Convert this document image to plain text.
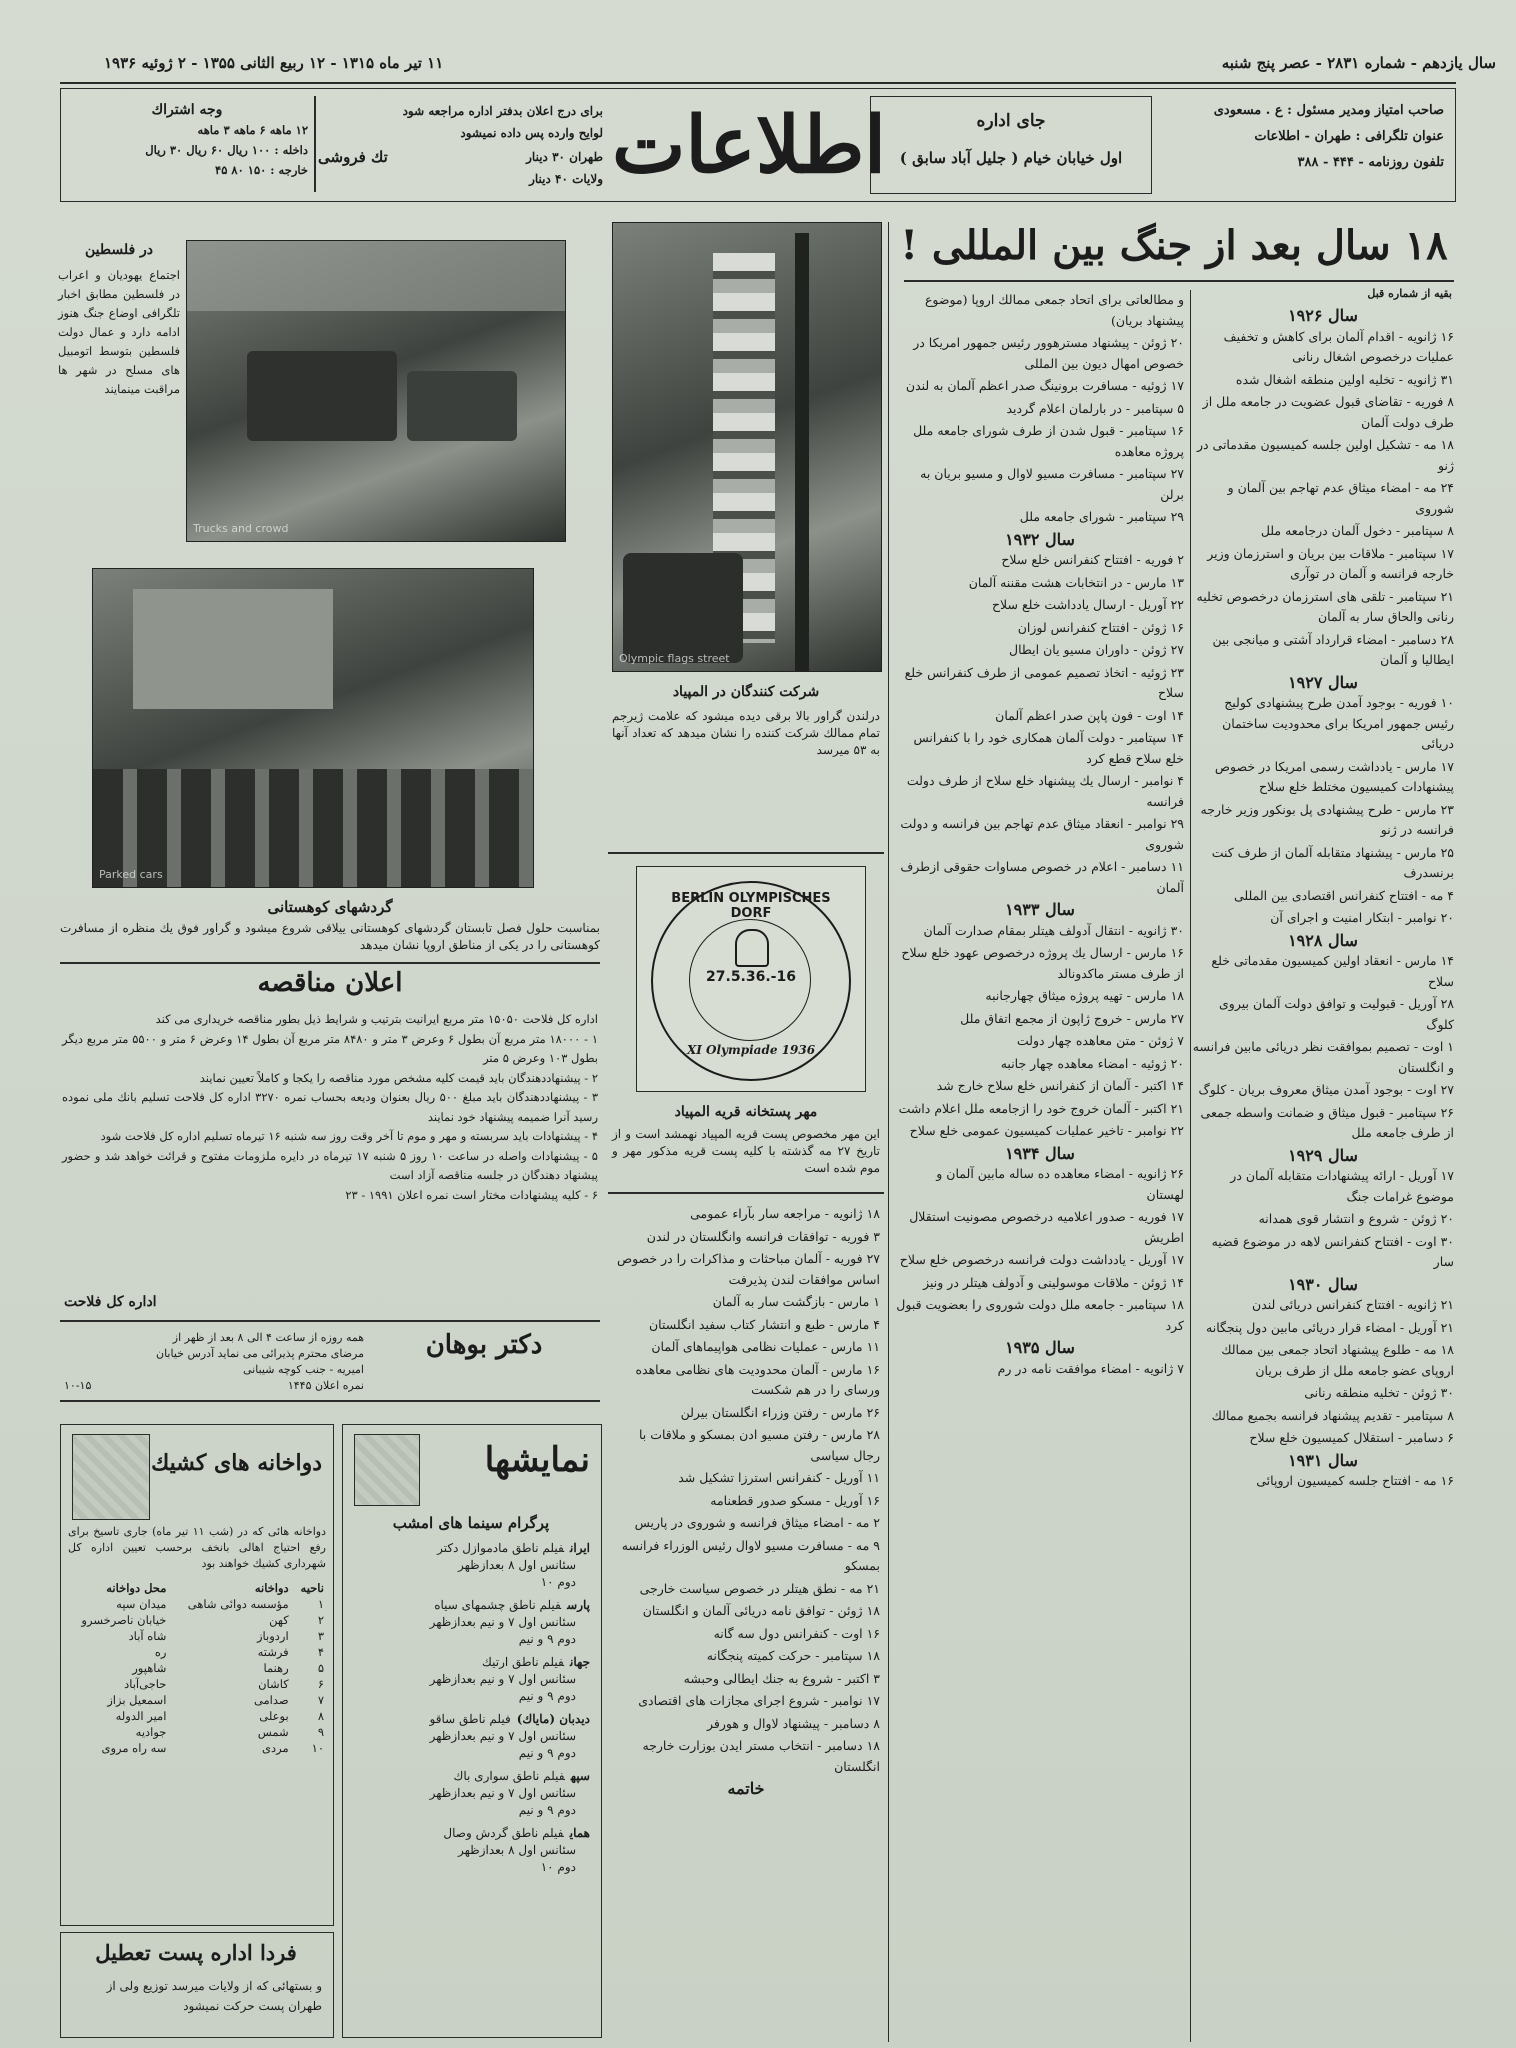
سال یازدهم - شماره ۲۸۳۱ - عصر پنج شنبه
۱۱ تیر ماه ۱۳۱۵ - ۱۲ ربیع الثانی ۱۳۵۵ - ۲ ژوئیه ۱۹۳۶
صاحب امتیاز ومدیر مسئول : ع . مسعودی
عنوان تلگرافی : طهران - اطلاعات
تلفون روزنامه - ۴۴۴ - ۳۸۸
جای اداره
اول خیابان خیام ( جلیل آباد سابق )
اطلاعات
برای درج اعلان بدفتر اداره مراجعه شود
لوایح وارده پس داده نمیشود
تك فروشی	طهران ۳۰ دینار
ولایات ۴۰ دینار
وجه اشتراك
۱۲ ماهه ۶ ماهه ۳ ماهه
داخله : ۱۰۰ ریال ۶۰ ریال ۳۰ ریال
خارجه : ۱۵۰ ۸۰ ۴۵
۱۸ سال بعد از جنگ بین المللی !
بقیه از شماره قبل
سال ۱۹۲۶

۱۶ ژانویه - اقدام آلمان برای کاهش و تخفیف عملیات درخصوص اشغال رنانی

۳۱ ژانویه - تخلیه اولین منطقه اشغال شده

۸ فوریه - تقاضای قبول عضویت در جامعه ملل از طرف دولت آلمان

۱۸ مه - تشکیل اولین جلسه کمیسیون مقدماتی در ژنو

۲۴ مه - امضاء میثاق عدم تهاجم بین آلمان و شوروی

۸ سپتامبر - دخول آلمان درجامعه ملل

۱۷ سپتامبر - ملاقات بین بریان و استرزمان وزیر خارجه فرانسه و آلمان در توآری

۲۱ سپتامبر - تلقی های استرزمان درخصوص تخلیه رنانی والحاق سار به آلمان

۲۸ دسامبر - امضاء قرارداد آشتی و میانجی بین ایطالیا و آلمان

سال ۱۹۲۷

۱۰ فوریه - بوجود آمدن طرح پیشنهادی کولیج رئیس جمهور امریکا برای محدودیت ساختمان دریائی

۱۷ مارس - یادداشت رسمی امریکا در خصوص پیشنهادات کمیسیون مختلط خلع سلاح

۲۳ مارس - طرح پیشنهادی پل بونکور وزیر خارجه فرانسه در ژنو

۲۵ مارس - پیشنهاد متقابله آلمان از طرف کنت برنسدرف

۴ مه - افتتاح کنفرانس اقتصادی بین المللی

۲۰ نوامبر - ابتکار امنیت و اجرای آن

سال ۱۹۲۸

۱۴ مارس - انعقاد اولین کمیسیون مقدماتی خلع سلاح

۲۸ آوریل - قبولیت و توافق دولت آلمان بیروی کلوگ

۱ اوت - تصمیم بموافقت نظر دریائی مابین فرانسه و انگلستان

۲۷ اوت - بوجود آمدن میثاق معروف بریان - کلوگ

۲۶ سپتامبر - قبول میثاق و ضمانت واسطه جمعی از طرف جامعه ملل

سال ۱۹۲۹

۱۷ آوریل - ارائه پیشنهادات متقابله آلمان در موضوع غرامات جنگ

۲۰ ژوئن - شروع و انتشار قوی همدانه

۳۰ اوت - افتتاح کنفرانس لاهه در موضوع قضیه سار

سال ۱۹۳۰

۲۱ ژانویه - افتتاح کنفرانس دریائی لندن

۲۱ آوریل - امضاء قرار دریائی مابین دول پنجگانه

۱۸ مه - طلوع پیشنهاد اتحاد جمعی بین ممالك اروپای عضو جامعه ملل از طرف بریان

۳۰ ژوئن - تخلیه منطقه رنانی

۸ سپتامبر - تقدیم پیشنهاد فرانسه بجمیع ممالك

۶ دسامبر - استقلال کمیسیون خلع سلاح

سال ۱۹۳۱

۱۶ مه - افتتاح جلسه کمیسیون اروپائی

و مطالعاتی برای اتحاد جمعی ممالك اروپا (موضوع پیشنهاد بریان)

۲۰ ژوئن - پیشنهاد مسترهوور رئیس جمهور امریکا در خصوص امهال دیون بین المللی

۱۷ ژوئیه - مسافرت برونینگ صدر اعظم آلمان به لندن

۵ سپتامبر - در بارلمان اعلام گردید

۱۶ سپتامبر - قبول شدن از طرف شورای جامعه ملل پروژه معاهده

۲۷ سپتامبر - مسافرت مسیو لاوال و مسیو بریان به برلن

۲۹ سپتامبر - شورای جامعه ملل

سال ۱۹۳۲

۲ فوریه - افتتاح کنفرانس خلع سلاح

۱۳ مارس - در انتخابات هشت مقننه آلمان

۲۲ آوریل - ارسال یادداشت خلع سلاح

۱۶ ژوئن - افتتاح کنفرانس لوزان

۲۷ ژوئن - داوران مسیو یان ایطال

۲۳ ژوئیه - اتخاذ تصمیم عمومی از طرف کنفرانس خلع سلاح

۱۴ اوت - فون پاپن صدر اعظم آلمان

۱۴ سپتامبر - دولت آلمان همکاری خود را با کنفرانس خلع سلاح قطع کرد

۴ نوامبر - ارسال یك پیشنهاد خلع سلاح از طرف دولت فرانسه

۲۹ نوامبر - انعقاد میثاق عدم تهاجم بین فرانسه و دولت شوروی

۱۱ دسامبر - اعلام در خصوص مساوات حقوقی ازطرف آلمان

سال ۱۹۳۳

۳۰ ژانویه - انتقال آدولف هیتلر بمقام صدارت آلمان

۱۶ مارس - ارسال یك پروژه درخصوص عهود خلع سلاح از طرف مستر ماکدونالد

۱۸ مارس - تهیه پروژه میثاق چهارجانبه

۲۷ مارس - خروج ژاپون از مجمع اتفاق ملل

۷ ژوئن - متن معاهده چهار دولت

۲۰ ژوئیه - امضاء معاهده چهار جانبه

۱۴ اکتبر - آلمان از کنفرانس خلع سلاح خارج شد

۲۱ اکتبر - آلمان خروج خود را ازجامعه ملل اعلام داشت

۲۲ نوامبر - تاخیر عملیات کمیسیون عمومی خلع سلاح

سال ۱۹۳۴

۲۶ ژانویه - امضاء معاهده ده ساله مابین آلمان و لهستان

۱۷ فوریه - صدور اعلامیه درخصوص مصونیت استقلال اطریش

۱۷ آوریل - یادداشت دولت فرانسه درخصوص خلع سلاح

۱۴ ژوئن - ملاقات موسولینی و آدولف هیتلر در ونیز

۱۸ سپتامبر - جامعه ملل دولت شوروی را بعضویت قبول کرد

سال ۱۹۳۵

۷ ژانویه - امضاء موافقت نامه در رم

Olympic flags street
شرکت کنندگان در المپیاد
درلندن گراور بالا برقی دیده میشود که علامت ژیرجم تمام ممالك شرکت کننده را نشان میدهد که تعداد آنها به ۵۳ میرسد
BERLIN OLYMPISCHES DORF
27.5.36.-16
XI Olympiade 1936
مهر پستخانه قریه المپیاد
این مهر مخصوص پست قریه المپیاد نهمشد است و از تاریخ ۲۷ مه گذشته با کلیه پست قریه مذکور مهر و موم شده است

۱۸ ژانویه - مراجعه سار بآراء عمومی

۳ فوریه - توافقات فرانسه وانگلستان در لندن

۲۷ فوریه - آلمان مباحثات و مذاکرات را در خصوص اساس موافقات لندن پذیرفت

۱ مارس - بازگشت سار به آلمان

۴ مارس - طبع و انتشار کتاب سفید انگلستان

۱۱ مارس - عملیات نظامی هواپیماهای آلمان

۱۶ مارس - آلمان محدودیت های نظامی معاهده ورسای را در هم شکست

۲۶ مارس - رفتن وزراء انگلستان بیرلن

۲۸ مارس - رفتن مسیو ادن بمسکو و ملاقات با رجال سیاسی

۱۱ آوریل - کنفرانس استرزا تشکیل شد

۱۶ آوریل - مسکو صدور قطعنامه

۲ مه - امضاء میثاق فرانسه و شوروی در پاریس

۹ مه - مسافرت مسیو لاوال رئیس الوزراء فرانسه بمسکو

۲۱ مه - نطق هیتلر در خصوص سیاست خارجی

۱۸ ژوئن - توافق نامه دریائی آلمان و انگلستان

۱۶ اوت - کنفرانس دول سه گانه

۱۸ سپتامبر - حرکت کمیته پنجگانه

۳ اکتبر - شروع به جنك ایطالی وحبشه

۱۷ نوامبر - شروع اجرای مجازات های اقتصادی

۸ دسامبر - پیشنهاد لاوال و هورفر

۱۸ دسامبر - انتخاب مستر ایدن بوزارت خارجه انگلستان

خاتمه
Trucks and crowd
در فلسطین
اجتماع یهودیان و اعراب در فلسطین مطابق اخبار تلگرافی اوضاع جنگ هنوز ادامه دارد و عمال دولت فلسطین بتوسط اتومبیل های مسلح در شهر ها مراقبت مینمایند
Parked cars
گردشهای کوهستانی
بمناسبت حلول فصل تابستان گردشهای کوهستانی ییلاقی شروع میشود و گراور فوق یك منظره از مسافرت کوهستانی را در یکی از مناطق اروپا نشان میدهد
اعلان مناقصه
اداره کل فلاحت ۱۵۰۵۰ متر مربع ایرانیت بترتیب و شرایط ذیل بطور مناقصه خریداری می کند
۱ - ۱۸۰۰۰ متر مربع آن بطول ۶ وعرض ۳ متر و ۸۴۸۰ متر مربع آن بطول ۱۴ وعرض ۶ متر و ۵۵۰۰ متر مربع دیگر بطول ۱۰۳ وعرض ۵ متر
۲ - پیشنهاددهندگان باید قیمت کلیه مشخص مورد مناقصه را یکجا و کاملاً تعیین نمایند
۳ - پیشنهاددهندگان باید مبلغ ۵۰۰ ریال بعنوان ودیعه بحساب نمره ۳۲۷۰ اداره کل فلاحت تسلیم بانك ملی نموده رسید آنرا ضمیمه پیشنهاد خود نمایند
۴ - پیشنهادات باید سربسته و مهر و موم تا آخر وقت روز سه شنبه ۱۶ تیرماه تسلیم اداره کل فلاحت شود
۵ - پیشنهادات واصله در ساعت ۱۰ روز ۵ شنبه ۱۷ تیرماه در دایره ملزومات مفتوح و قرائت خواهد شد و حضور پیشنهاد دهندگان در جلسه مناقصه آزاد است
۶ - کلیه پیشنهادات مختار است نمره اعلان ۱۹۹۱ - ۲۳
اداره کل فلاحت
دکتر بوهان
همه روزه از ساعت ۴ الی ۸ بعد از ظهر از مرضای محترم پذیرائی می نماید آدرس خیابان امیریه - جنب کوچه شیبانی
نمره اعلان ۱۴۴۵
۱۰-۱۵
نمایشها
پرگرام سینما های امشب
ایرانفیلم ناطق مادموازل دکتر
سئانس اول ۸ بعدازظهر
دوم ۱۰
پارسفیلم ناطق چشمهای سیاه
سئانس اول ۷ و نیم بعدازظهر
دوم ۹ و نیم
جهانفیلم ناطق ارتیك
سئانس اول ۷ و نیم بعدازظهر
دوم ۹ و نیم
دیدبان (مایاك)فیلم ناطق ساقو
سئانس اول ۷ و نیم بعدازظهر
دوم ۹ و نیم
سپهفیلم ناطق سواری باك
سئانس اول ۷ و نیم بعدازظهر
دوم ۹ و نیم
همایفیلم ناطق گردش وصال
سئانس اول ۸ بعدازظهر
دوم ۱۰
دواخانه های کشیك
دواخانه هائی که در (شب ۱۱ تیر ماه) جاری تاسیخ برای رفع احتیاج اهالی بانخف برحسب تعیین اداره کل شهرداری کشیك خواهند بود
ناحیه	دواخانه	محل دواخانه
۱	مؤسسه دوائی شاهی	میدان سپه
۲	کهن	خیابان ناصرخسرو
۳	اردوباز	شاه آباد
۴	فرشته	ره
۵	رهنما	شاهپور
۶	کاشان	حاجی‌آباد
۷	صدامی	اسمعیل بزاز
۸	بوعلی	امیر الدوله
۹	شمس	جوادیه
۱۰	مردی	سه راه مروی
فردا اداره پست تعطیل
و بستهائی که از ولایات میرسد توزیع ولی از طهران پست حرکت نمیشود
